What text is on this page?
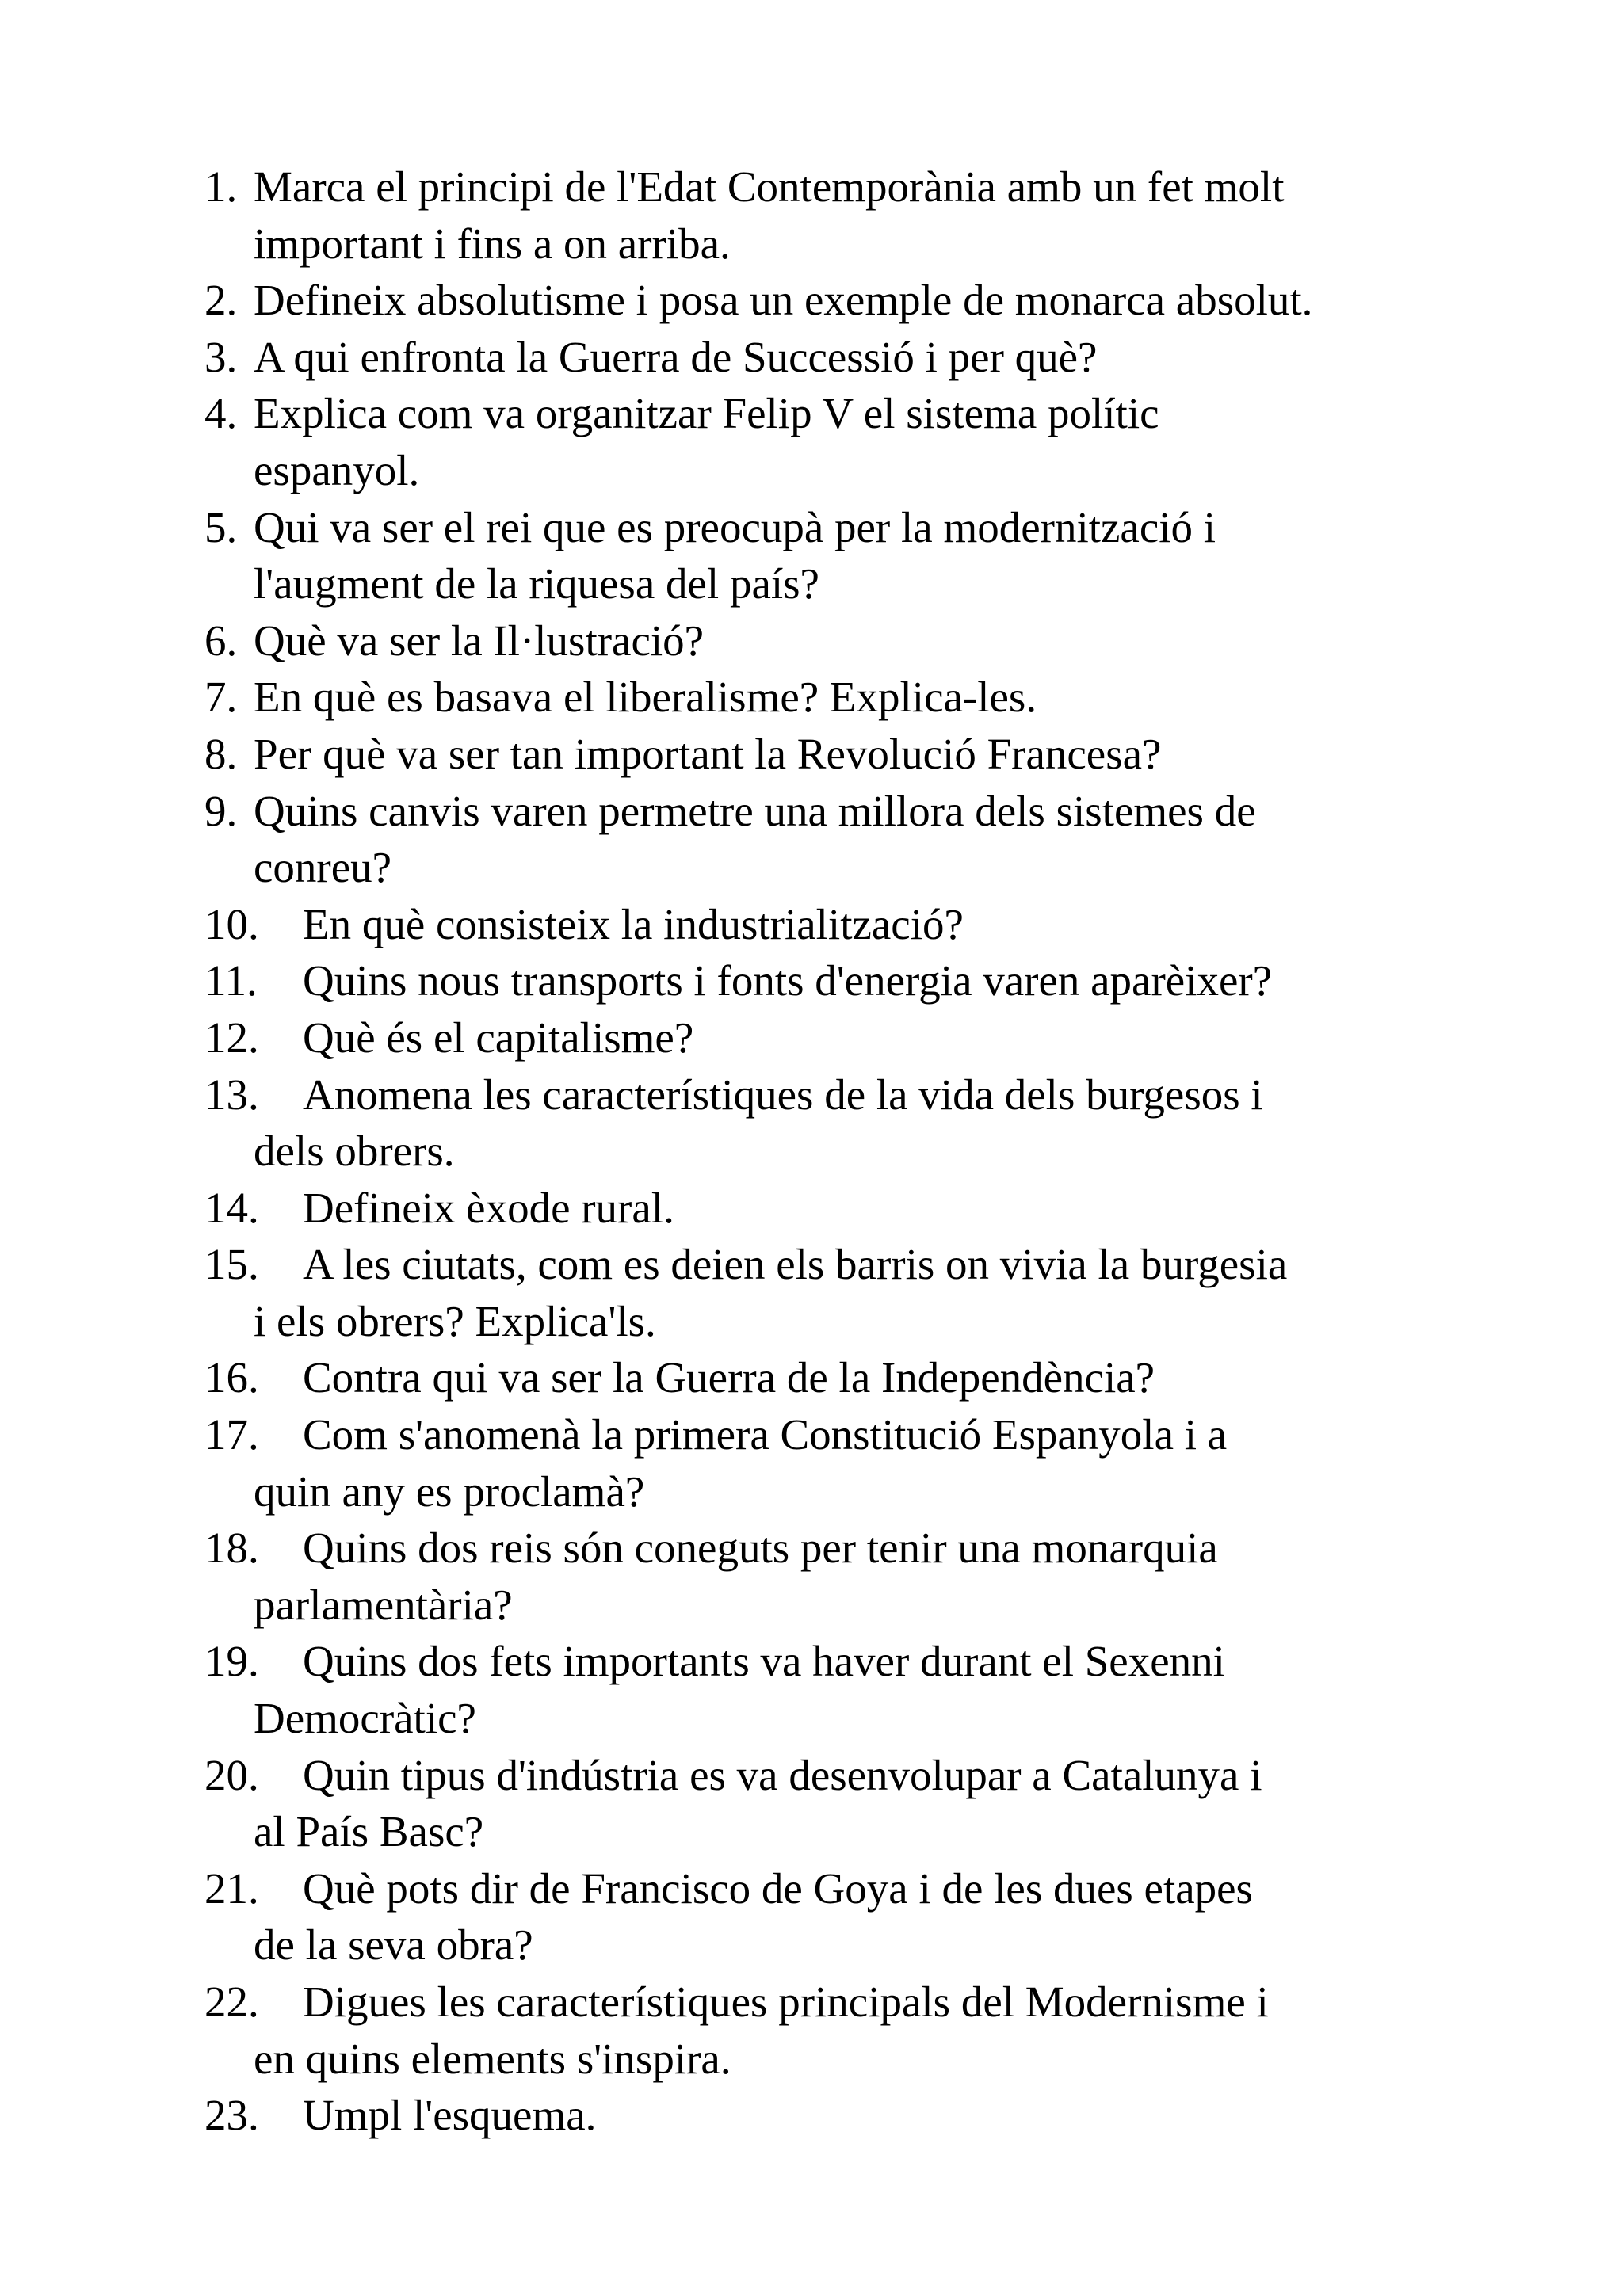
1. Marca el principi de l'Edat Contemporània amb un fet molt
important i fins a on arriba.
2. Defineix absolutisme i posa un exemple de monarca absolut.
3. A qui enfronta la Guerra de Successió i per què?
4. Explica com va organitzar Felip V el sistema polític
espanyol.
5. Qui va ser el rei que es preocupà per la modernització i
l'augment de la riquesa del país?
6. Què va ser la Il·lustració?
7. En què es basava el liberalisme? Explica-les.
8. Per què va ser tan important la Revolució Francesa?
9. Quins canvis varen permetre una millora dels sistemes de
conreu?
10. En què consisteix la industrialització?
11. Quins nous transports i fonts d'energia varen aparèixer?
12. Què és el capitalisme?
13. Anomena les característiques de la vida dels burgesos i
dels obrers.
14. Defineix èxode rural.
15. A les ciutats, com es deien els barris on vivia la burgesia
i els obrers? Explica'ls.
16. Contra qui va ser la Guerra de la Independència?
17. Com s'anomenà la primera Constitució Espanyola i a
quin any es proclamà?
18. Quins dos reis són coneguts per tenir una monarquia
parlamentària?
19. Quins dos fets importants va haver durant el Sexenni
Democràtic?
20. Quin tipus d'indústria es va desenvolupar a Catalunya i
al País Basc?
21. Què pots dir de Francisco de Goya i de les dues etapes
de la seva obra?
22. Digues les característiques principals del Modernisme i
en quins elements s'inspira.
23. Umpl l'esquema.
